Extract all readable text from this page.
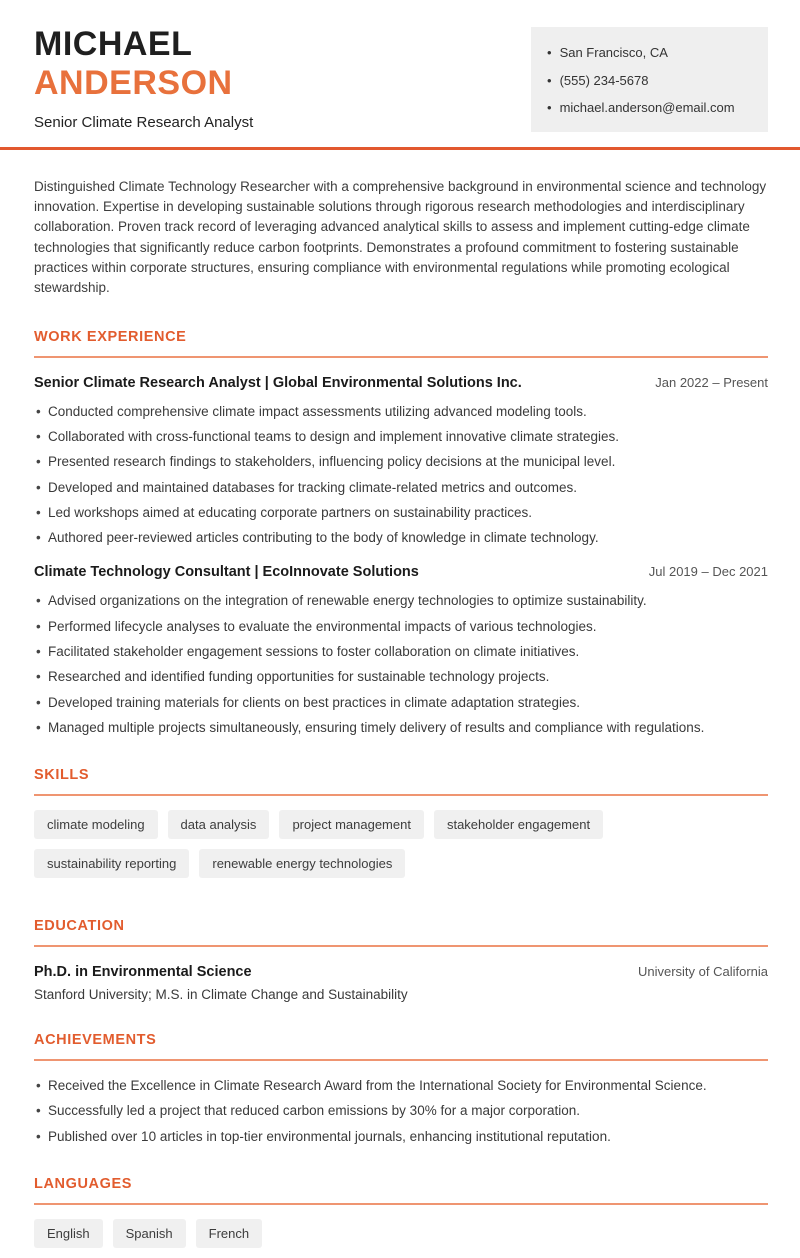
MICHAEL
ANDERSON
Senior Climate Research Analyst
• San Francisco, CA
• (555) 234-5678
• michael.anderson@email.com

Distinguished Climate Technology Researcher with a comprehensive background in environmental science and technology innovation. Expertise in developing sustainable solutions through rigorous research methodologies and interdisciplinary collaboration. Proven track record of leveraging advanced analytical skills to assess and implement cutting-edge climate technologies that significantly reduce carbon footprints. Demonstrates a profound commitment to fostering sustainable practices within corporate structures, ensuring compliance with environmental regulations while promoting ecological stewardship.

WORK EXPERIENCE
Senior Climate Research Analyst | Global Environmental Solutions Inc.	Jan 2022 – Present
• Conducted comprehensive climate impact assessments utilizing advanced modeling tools.
• Collaborated with cross-functional teams to design and implement innovative climate strategies.
• Presented research findings to stakeholders, influencing policy decisions at the municipal level.
• Developed and maintained databases for tracking climate-related metrics and outcomes.
• Led workshops aimed at educating corporate partners on sustainability practices.
• Authored peer-reviewed articles contributing to the body of knowledge in climate technology.
Climate Technology Consultant | EcoInnovate Solutions	Jul 2019 – Dec 2021
• Advised organizations on the integration of renewable energy technologies to optimize sustainability.
• Performed lifecycle analyses to evaluate the environmental impacts of various technologies.
• Facilitated stakeholder engagement sessions to foster collaboration on climate initiatives.
• Researched and identified funding opportunities for sustainable technology projects.
• Developed training materials for clients on best practices in climate adaptation strategies.
• Managed multiple projects simultaneously, ensuring timely delivery of results and compliance with regulations.
SKILLS
climate modeling	data analysis	project management	stakeholder engagement
sustainability reporting	renewable energy technologies
EDUCATION
Ph.D. in Environmental Science	University of California
Stanford University; M.S. in Climate Change and Sustainability
ACHIEVEMENTS
• Received the Excellence in Climate Research Award from the International Society for Environmental Science.
• Successfully led a project that reduced carbon emissions by 30% for a major corporation.
• Published over 10 articles in top-tier environmental journals, enhancing institutional reputation.
LANGUAGES
English	Spanish	French
